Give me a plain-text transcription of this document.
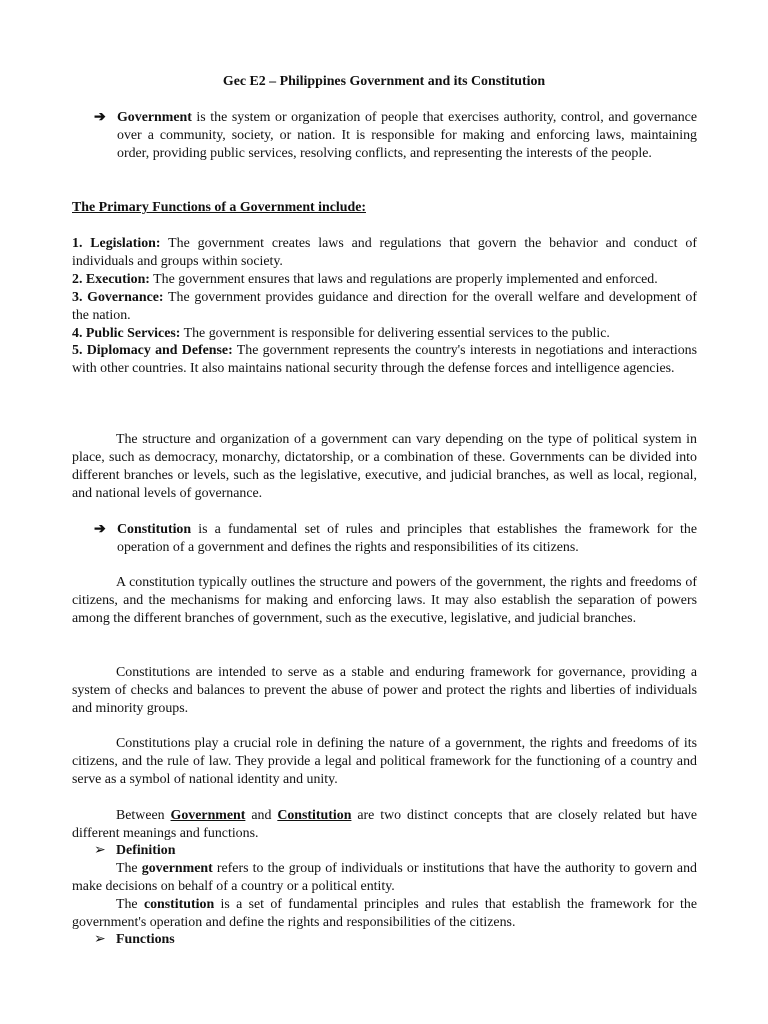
Gec E2 – Philippines Government and its Constitution
➔ Government is the system or organization of people that exercises authority, control, and governance over a community, society, or nation. It is responsible for making and enforcing laws, maintaining order, providing public services, resolving conflicts, and representing the interests of the people.
The Primary Functions of a Government include:
1. Legislation: The government creates laws and regulations that govern the behavior and conduct of individuals and groups within society.
2. Execution: The government ensures that laws and regulations are properly implemented and enforced.
3. Governance: The government provides guidance and direction for the overall welfare and development of the nation.
4. Public Services: The government is responsible for delivering essential services to the public.
5. Diplomacy and Defense: The government represents the country's interests in negotiations and interactions with other countries. It also maintains national security through the defense forces and intelligence agencies.

The structure and organization of a government can vary depending on the type of political system in place, such as democracy, monarchy, dictatorship, or a combination of these. Governments can be divided into different branches or levels, such as the legislative, executive, and judicial branches, as well as local, regional, and national levels of governance.

➔ Constitution is a fundamental set of rules and principles that establishes the framework for the operation of a government and defines the rights and responsibilities of its citizens.

A constitution typically outlines the structure and powers of the government, the rights and freedoms of citizens, and the mechanisms for making and enforcing laws. It may also establish the separation of powers among the different branches of government, such as the executive, legislative, and judicial branches.

Constitutions are intended to serve as a stable and enduring framework for governance, providing a system of checks and balances to prevent the abuse of power and protect the rights and liberties of individuals and minority groups.

Constitutions play a crucial role in defining the nature of a government, the rights and freedoms of its citizens, and the rule of law. They provide a legal and political framework for the functioning of a country and serve as a symbol of national identity and unity.

Between Government and Constitution are two distinct concepts that are closely related but have different meanings and functions.

➢ Definition

The government refers to the group of individuals or institutions that have the authority to govern and make decisions on behalf of a country or a political entity.

The constitution is a set of fundamental principles and rules that establish the framework for the government's operation and define the rights and responsibilities of the citizens.

➢ Functions
